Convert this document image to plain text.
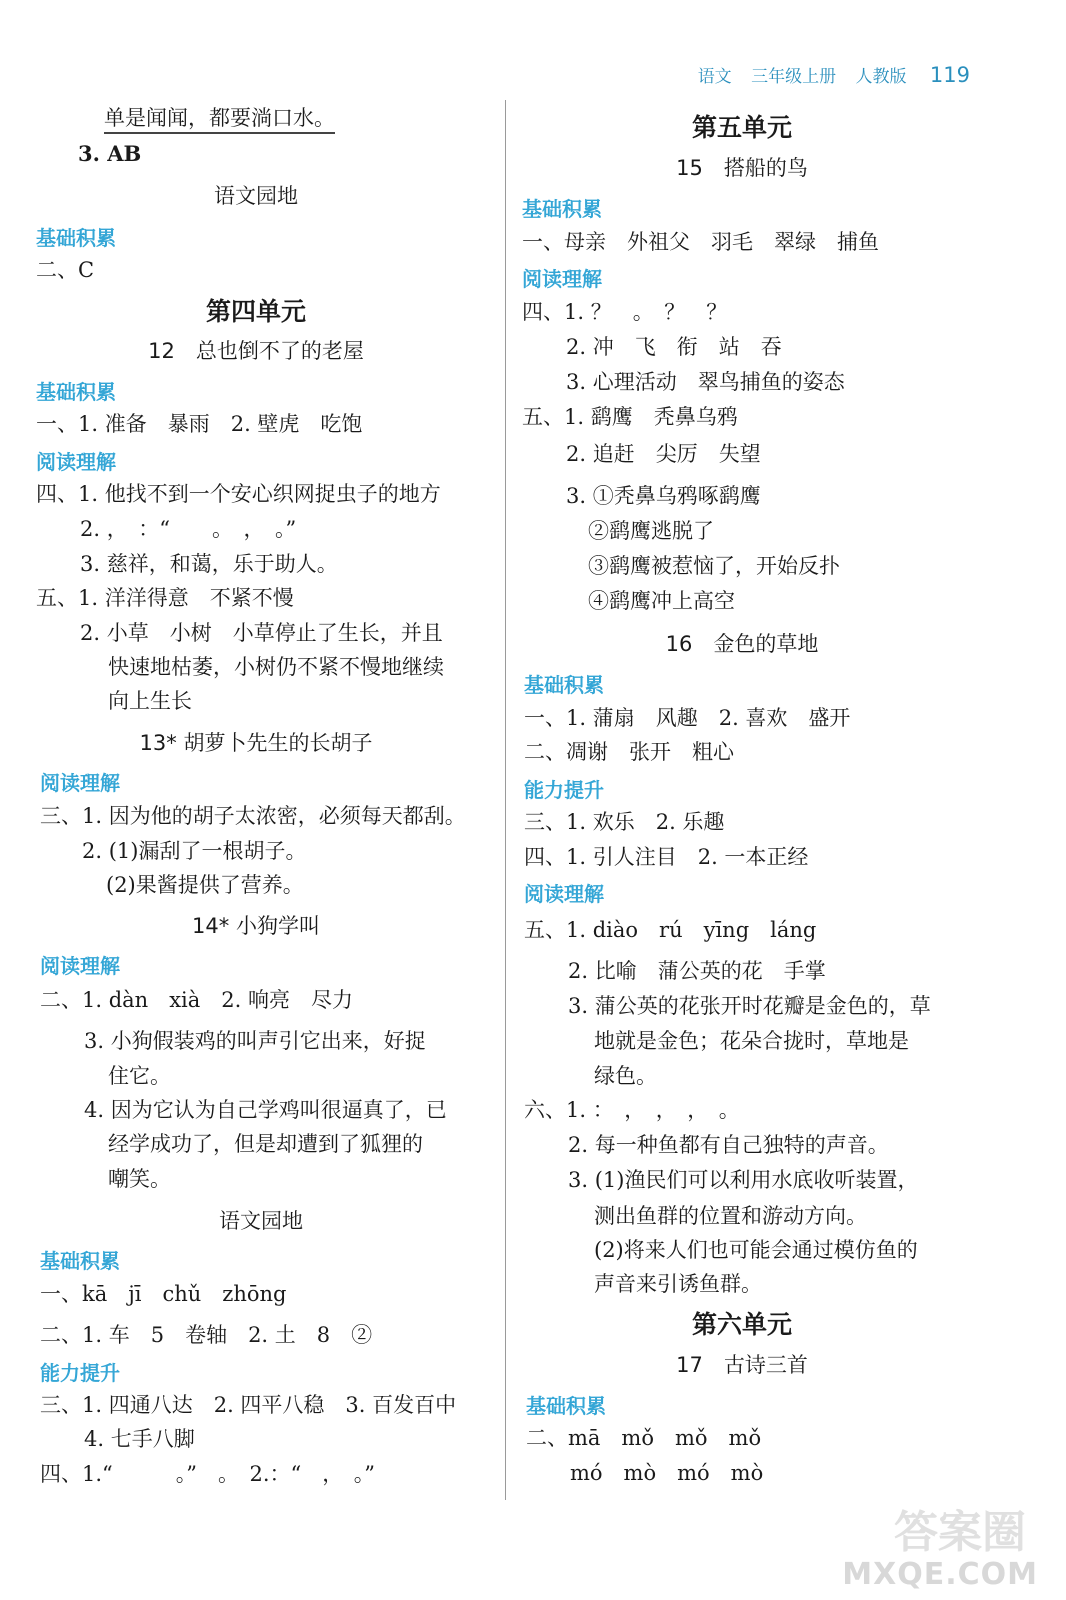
语文 三年级上册 人教版 119
单是闻闻，都要淌口水。
3. AB
语文园地
基础积累
二、C
第四单元
12　总也倒不了的老屋
基础积累
一、1. 准备　暴雨　2. 壁虎　吃饱
阅读理解
四、1. 他找不到一个安心织网捉虫子的地方
2. ，　：“　　。　，　。”
3. 慈祥，和蔼，乐于助人。
五、1. 洋洋得意　不紧不慢
2. 小草　小树　小草停止了生长，并且
快速地枯萎，小树仍不紧不慢地继续
向上生长
13* 胡萝卜先生的长胡子
阅读理解
三、1. 因为他的胡子太浓密，必须每天都刮。
2. (1)漏刮了一根胡子。
(2)果酱提供了营养。
14* 小狗学叫
阅读理解
二、1. dàn　xià　2. 响亮　尽力
3. 小狗假装鸡的叫声引它出来，好捉
住它。
4. 因为它认为自己学鸡叫很逼真了，已
经学成功了，但是却遭到了狐狸的
嘲笑。
语文园地
基础积累
一、kā　jī　chǔ　zhōng
二、1. 车　5　卷轴　2. 土　8　②
能力提升
三、1. 四通八达　2. 四平八稳　3. 百发百中
4. 七手八脚
四、1.“　　　。”　。　2.：“　，　。”
第五单元
15　搭船的鸟
基础积累
一、母亲　外祖父　羽毛　翠绿　捕鱼
阅读理解
四、1. ？　。　？　？
2. 冲　飞　衔　站　吞
3. 心理活动　翠鸟捕鱼的姿态
五、1. 鹞鹰　秃鼻乌鸦
2. 追赶　尖厉　失望
3. ①秃鼻乌鸦啄鹞鹰
②鹞鹰逃脱了
③鹞鹰被惹恼了，开始反扑
④鹞鹰冲上高空
16　金色的草地
基础积累
一、1. 蒲扇　风趣　2. 喜欢　盛开
二、凋谢　张开　粗心
能力提升
三、1. 欢乐　2. 乐趣
四、1. 引人注目　2. 一本正经
阅读理解
五、1. diào　rú　yīng　láng
2. 比喻　蒲公英的花　手掌
3. 蒲公英的花张开时花瓣是金色的，草
地就是金色；花朵合拢时，草地是
绿色。
六、1. ：　，　，　，　。
2. 每一种鱼都有自己独特的声音。
3. (1)渔民们可以利用水底收听装置，
测出鱼群的位置和游动方向。
(2)将来人们也可能会通过模仿鱼的
声音来引诱鱼群。
第六单元
17　古诗三首
基础积累
二、mā　mǒ　mǒ　mǒ
mó　mò　mó　mò
答案圈
MXQE.COM
